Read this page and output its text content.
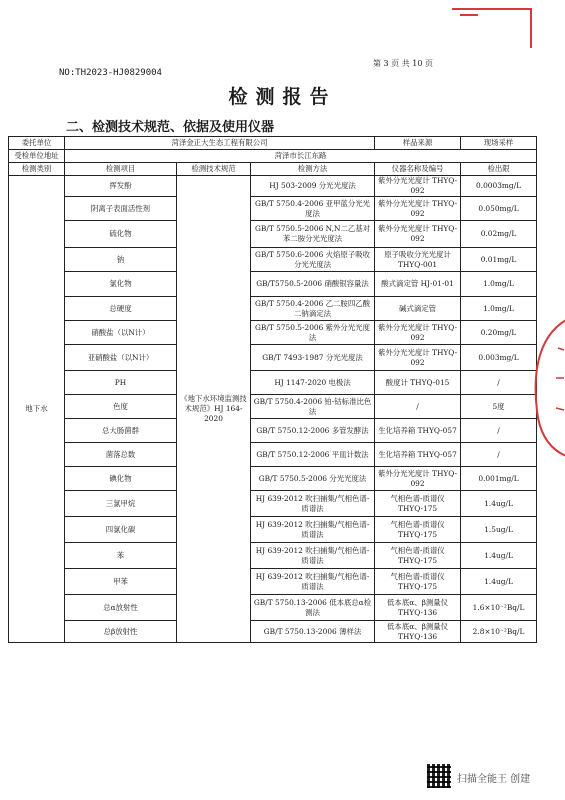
第 3 页 共 10 页
NO:TH2023-HJ0829004
检测报告
二、检测技术规范、依据及使用仪器
委托单位	菏泽金正大生态工程有限公司			样品来源	现场采样
受检单位地址	菏泽市长江东路				
检测类别	检测项目	检测技术规范	检测方法	仪器名称及编号	检出限
地下水	挥发酚	《地下水环境监测技术规范》HJ 164-2020	HJ 503-2009 分光光度法	紫外分光光度计 THYQ-092	0.0003mg/L
	阴离子表面活性剂		GB/T 5750.4-2006 亚甲蓝分光光度法	紫外分光光度计 THYQ-092	0.050mg/L
	硫化物		GB/T 5750.5-2006 N,N二乙基对苯二胺分光光度法	紫外分光光度计 THYQ-092	0.02mg/L
	钠		GB/T 5750.6-2006 火焰原子吸收分光光度法	原子吸收分光光度计 THYQ-001	0.01mg/L
	氯化物		GB/T5750.5-2006 硝酸银容量法	酸式滴定管 HJ-01-01	1.0mg/L
	总硬度		GB/T 5750.4-2006 乙二胺四乙酸二钠滴定法	碱式滴定管	1.0mg/L
	硝酸盐（以N计）		GB/T 5750.5-2006 紫外分光光度法	紫外分光光度计 THYQ-092	0.20mg/L
	亚硝酸盐（以N计）		GB/T 7493-1987 分光光度法	紫外分光光度计 THYQ-092	0.003mg/L
	PH		HJ 1147-2020 电极法	酸度计 THYQ-015	/
	色度		GB/T 5750.4-2006 铂-钴标准比色法	/	5度
	总大肠菌群		GB/T 5750.12-2006 多管发酵法	生化培养箱 THYQ-057	/
	菌落总数		GB/T 5750.12-2006 平皿计数法	生化培养箱 THYQ-057	/
	碘化物		GB/T 5750.5-2006 分光光度法	紫外分光光度计 THYQ-092	0.001mg/L
	三氯甲烷		HJ 639-2012 吹扫捕集/气相色谱-质谱法	气相色谱-质谱仪 THYQ-175	1.4ug/L
	四氯化碳		HJ 639-2012 吹扫捕集/气相色谱-质谱法	气相色谱-质谱仪 THYQ-175	1.5ug/L
	苯		HJ 639-2012 吹扫捕集/气相色谱-质谱法	气相色谱-质谱仪 THYQ-175	1.4ug/L
	甲苯		HJ 639-2012 吹扫捕集/气相色谱-质谱法	气相色谱-质谱仪 THYQ-175	1.4ug/L
	总α放射性		GB/T 5750.13-2006 低本底总α检测法	低本底α、β测量仪 THYQ-136	1.6×10⁻²Bq/L
	总β放射性		GB/T 5750.13-2006 薄样法	低本底α、β测量仪 THYQ-136	2.8×10⁻²Bq/L
扫描全能王 创建
